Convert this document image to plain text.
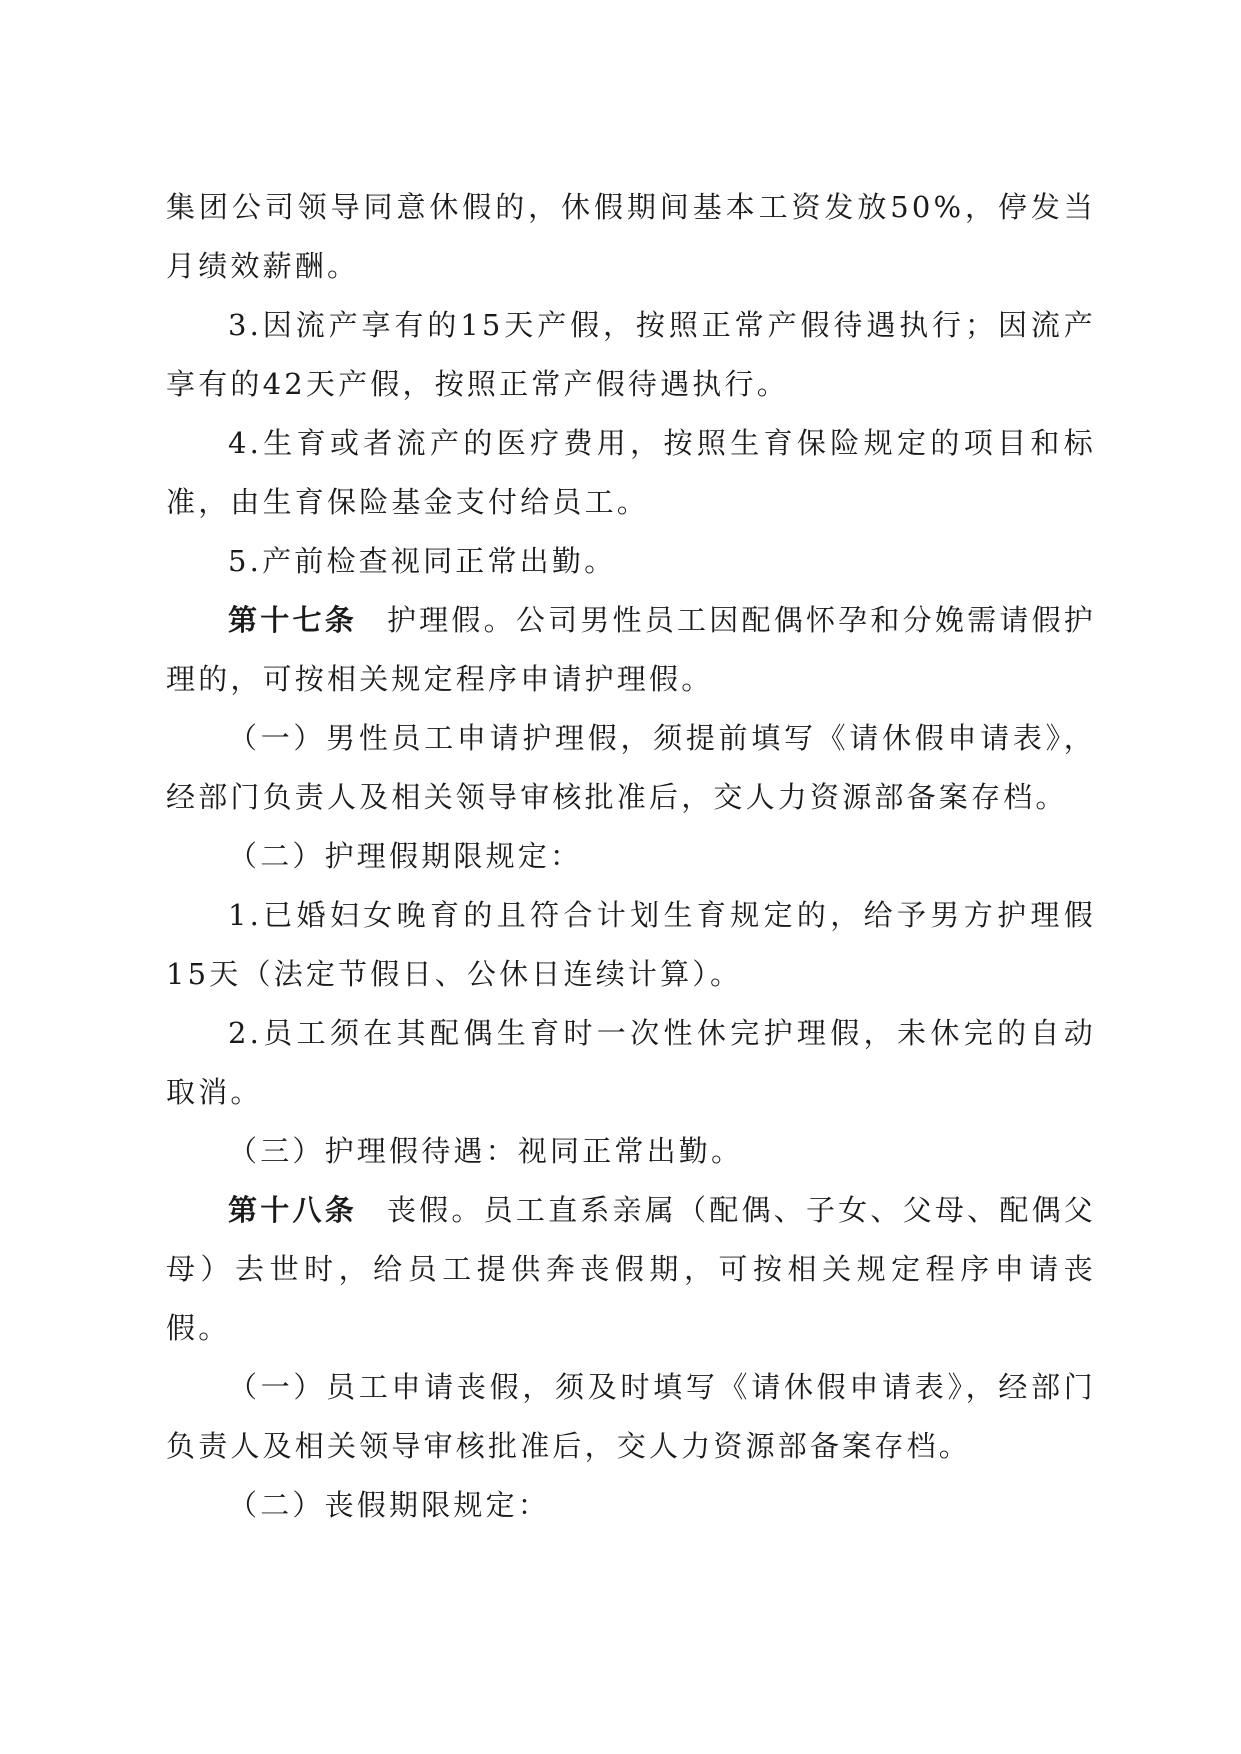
集团公司领导同意休假的，休假期间基本工资发放50%，停发当月绩效薪酬。

3.因流产享有的15天产假，按照正常产假待遇执行；因流产享有的42天产假，按照正常产假待遇执行。

4.生育或者流产的医疗费用，按照生育保险规定的项目和标准，由生育保险基金支付给员工。

5.产前检查视同正常出勤。

第十七条 护理假。公司男性员工因配偶怀孕和分娩需请假护理的，可按相关规定程序申请护理假。

（一）男性员工申请护理假，须提前填写《请休假申请表》，经部门负责人及相关领导审核批准后，交人力资源部备案存档。

（二）护理假期限规定：

1.已婚妇女晚育的且符合计划生育规定的，给予男方护理假15天（法定节假日、公休日连续计算）。

2.员工须在其配偶生育时一次性休完护理假，未休完的自动取消。

（三）护理假待遇：视同正常出勤。

第十八条 丧假。员工直系亲属（配偶、子女、父母、配偶父母）去世时，给员工提供奔丧假期，可按相关规定程序申请丧假。

（一）员工申请丧假，须及时填写《请休假申请表》，经部门负责人及相关领导审核批准后，交人力资源部备案存档。

（二）丧假期限规定：
